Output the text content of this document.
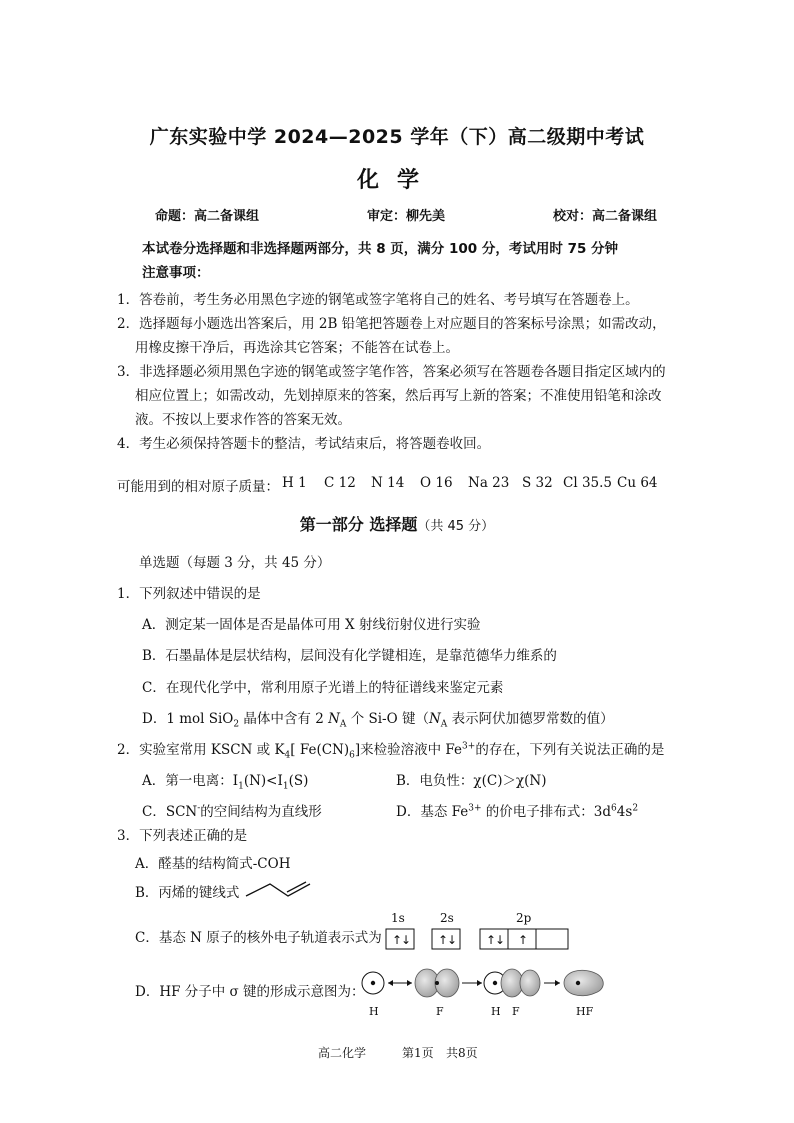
广东实验中学 2024—2025 学年（下）高二级期中考试
化学
命题：高二备课组	审定：柳先美	校对：高二备课组
本试卷分选择题和非选择题两部分，共 8 页，满分 100 分，考试用时 75 分钟
注意事项：
1．答卷前，考生务必用黑色字迹的钢笔或签字笔将自己的姓名、考号填写在答题卷上。
2．选择题每小题选出答案后，用 2B 铅笔把答题卷上对应题目的答案标号涂黑；如需改动，
用橡皮擦干净后，再选涂其它答案；不能答在试卷上。
3．非选择题必须用黑色字迹的钢笔或签字笔作答，答案必须写在答题卷各题目指定区域内的
相应位置上；如需改动，先划掉原来的答案，然后再写上新的答案；不准使用铅笔和涂改
液。不按以上要求作答的答案无效。
4．考生必须保持答题卡的整洁，考试结束后，将答题卷收回。
可能用到的相对原子质量： H 1 C 12 N 14 O 16 Na 23 S 32 Cl 35.5 Cu 64
第一部分 选择题（共 45 分）
单选题（每题 3 分，共 45 分）
1．下列叙述中错误的是
A．测定某一固体是否是晶体可用 X 射线衍射仪进行实验
B．石墨晶体是层状结构，层间没有化学键相连，是靠范德华力维系的
C．在现代化学中，常利用原子光谱上的特征谱线来鉴定元素
D．1 mol SiO$_2$ 晶体中含有 2 $N_A$ 个 Si-O 键（$N_A$ 表示阿伏加德罗常数的值）
2．实验室常用 KSCN 或 $K_4$[ $Fe(CN)_6$]来检验溶液中 $Fe^{3+}$的存在，下列有关说法正确的是
A．第一电离：$I_1(N)<I_1(S)$	B．电负性：χ(C)＞χ(N)
C．SCN-的空间结构为直线形	D．基态 $Fe^{3+}$ 的价电子排布式：$3d^64s^2$
3．下列表述正确的是
A．醛基的结构简式-COH
B．丙烯的键线式
C．基态 N 原子的核外电子轨道表示式为
1s	2s	2p
↑
↓ ↑
↓ ↑
↓ ↑
D．HF 分子中 σ 键的形成示意图为：
H	F	H F	HF
高二化学	第1页 共8页
